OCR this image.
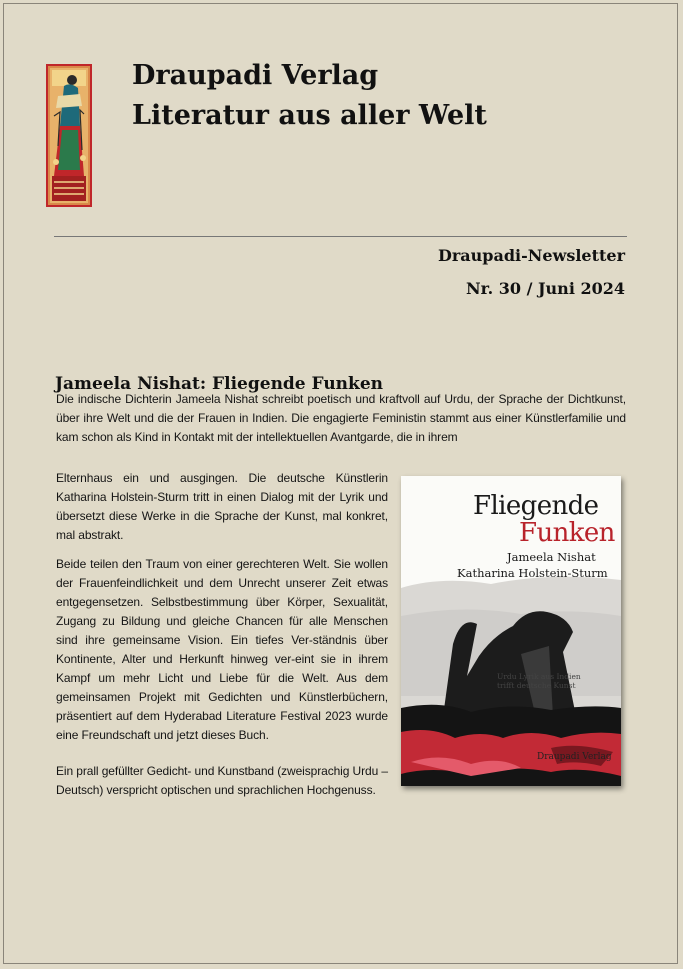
Draupadi Verlag
Literatur aus aller Welt
Draupadi-Newsletter
Nr. 30 / Juni 2024
Jameela Nishat: Fliegende Funken

Die indische Dichterin Jameela Nishat schreibt poetisch und kraftvoll auf Urdu, der Sprache der Dichtkunst, über ihre Welt und die der Frauen in Indien. Die engagierte Feministin stammt aus einer Künstlerfamilie und kam schon als Kind in Kontakt mit der intellektuellen Avantgarde, die in ihrem

Elternhaus ein und ausgingen. Die deutsche Künstlerin Katharina Holstein-Sturm tritt in einen Dialog mit der Lyrik und übersetzt diese Werke in die Sprache der Kunst, mal konkret, mal abstrakt.

Beide teilen den Traum von einer gerechteren Welt. Sie wollen der Frauenfeindlichkeit und dem Unrecht unserer Zeit etwas entgegensetzen. Selbstbestimmung über Körper, Sexualität, Zugang zu Bildung und gleiche Chancen für alle Menschen sind ihre gemeinsame Vision. Ein tiefes Ver-ständnis über Kontinente, Alter und Herkunft hinweg ver-eint sie in ihrem Kampf um mehr Licht und Liebe für die Welt. Aus dem gemeinsamen Projekt mit Gedichten und Künstlerbüchern, präsentiert auf dem Hyderabad Literature Festival 2023 wurde eine Freundschaft und jetzt dieses Buch.

Ein prall gefüllter Gedicht- und Kunstband (zweisprachig Urdu – Deutsch) verspricht optischen und sprachlichen Hochgenuss.

Fliegende
Funken
Jameela Nishat
Katharina Holstein-Sturm
Urdu Lyrik aus Indien trifft deutsche Kunst
Draupadi Verlag
